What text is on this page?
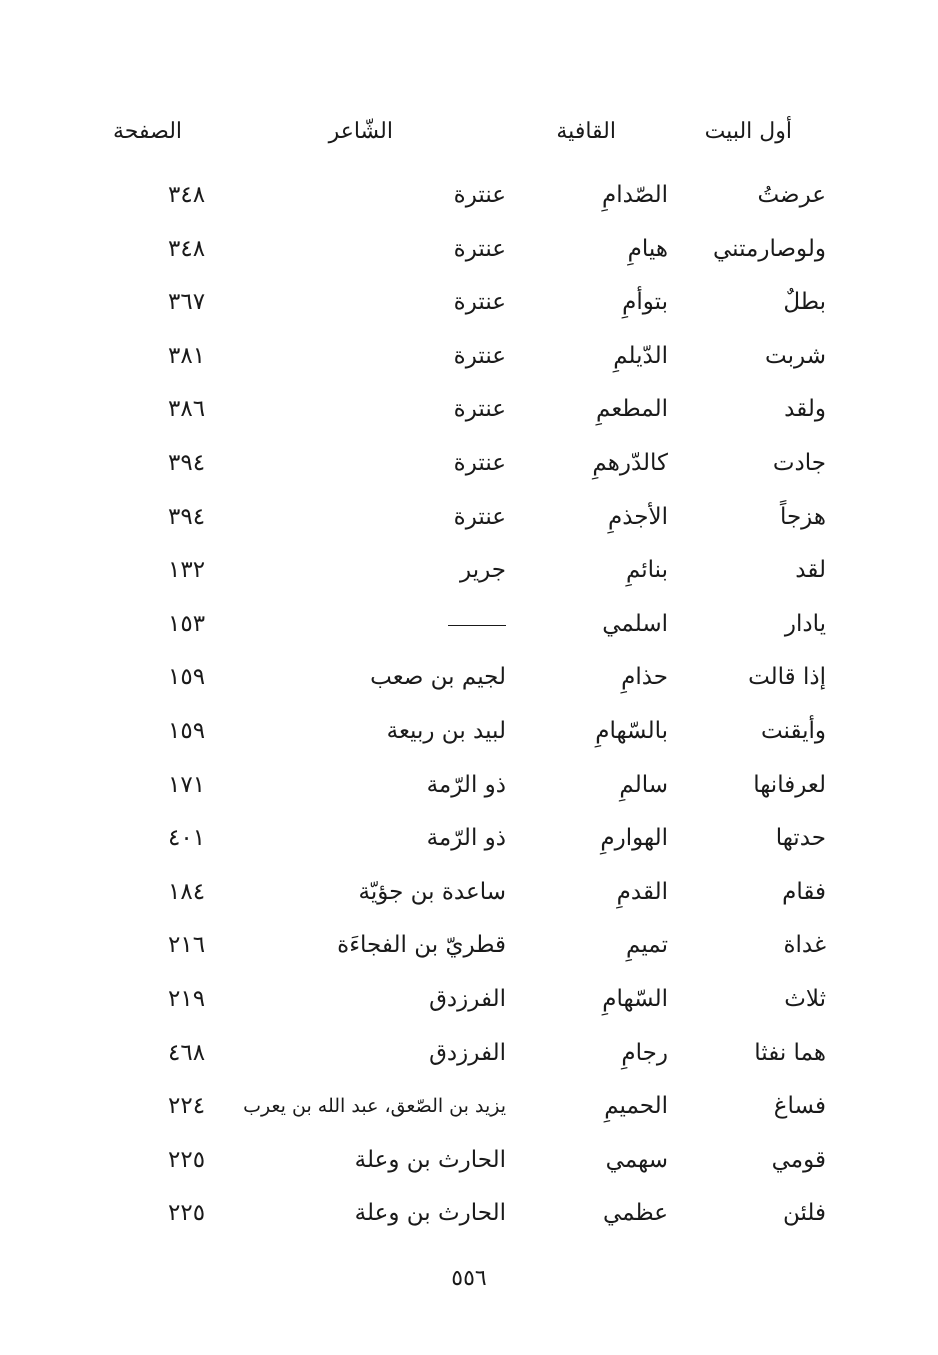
أول البيت
القافية
الشّاعر
الصفحة
عرضتُ
الصّدامِ
عنترة
٣٤٨
ولوصارمتني
هيامِ
عنترة
٣٤٨
بطلٌ
بتوأمِ
عنترة
٣٦٧
شربت
الدّيلمِ
عنترة
٣٨١
ولقد
المطعمِ
عنترة
٣٨٦
جادت
كالدّرهمِ
عنترة
٣٩٤
هزجاً
الأجذمِ
عنترة
٣٩٤
لقد
بنائمِ
جرير
١٣٢
يادار
اسلمي
١٥٣
إذا قالت
حذامِ
لجيم بن صعب
١٥٩
وأيقنت
بالسّهامِ
لبيد بن ربيعة
١٥٩
لعرفانها
سالمِ
ذو الرّمة
١٧١
حدتها
الهوارمِ
ذو الرّمة
٤٠١
فقام
القدمِ
ساعدة بن جؤيّة
١٨٤
غداة
تميمِ
قطريّ بن الفجاءَة
٢١٦
ثلاث
السّهامِ
الفرزدق
٢١٩
هما نفثا
رجامِ
الفرزدق
٤٦٨
فساغ
الحميمِ
يزيد بن الصّعق، عبد الله بن يعرب
٢٢٤
قومي
سهمي
الحارث بن وعلة
٢٢٥
فلئن
عظمي
الحارث بن وعلة
٢٢٥
٥٥٦
